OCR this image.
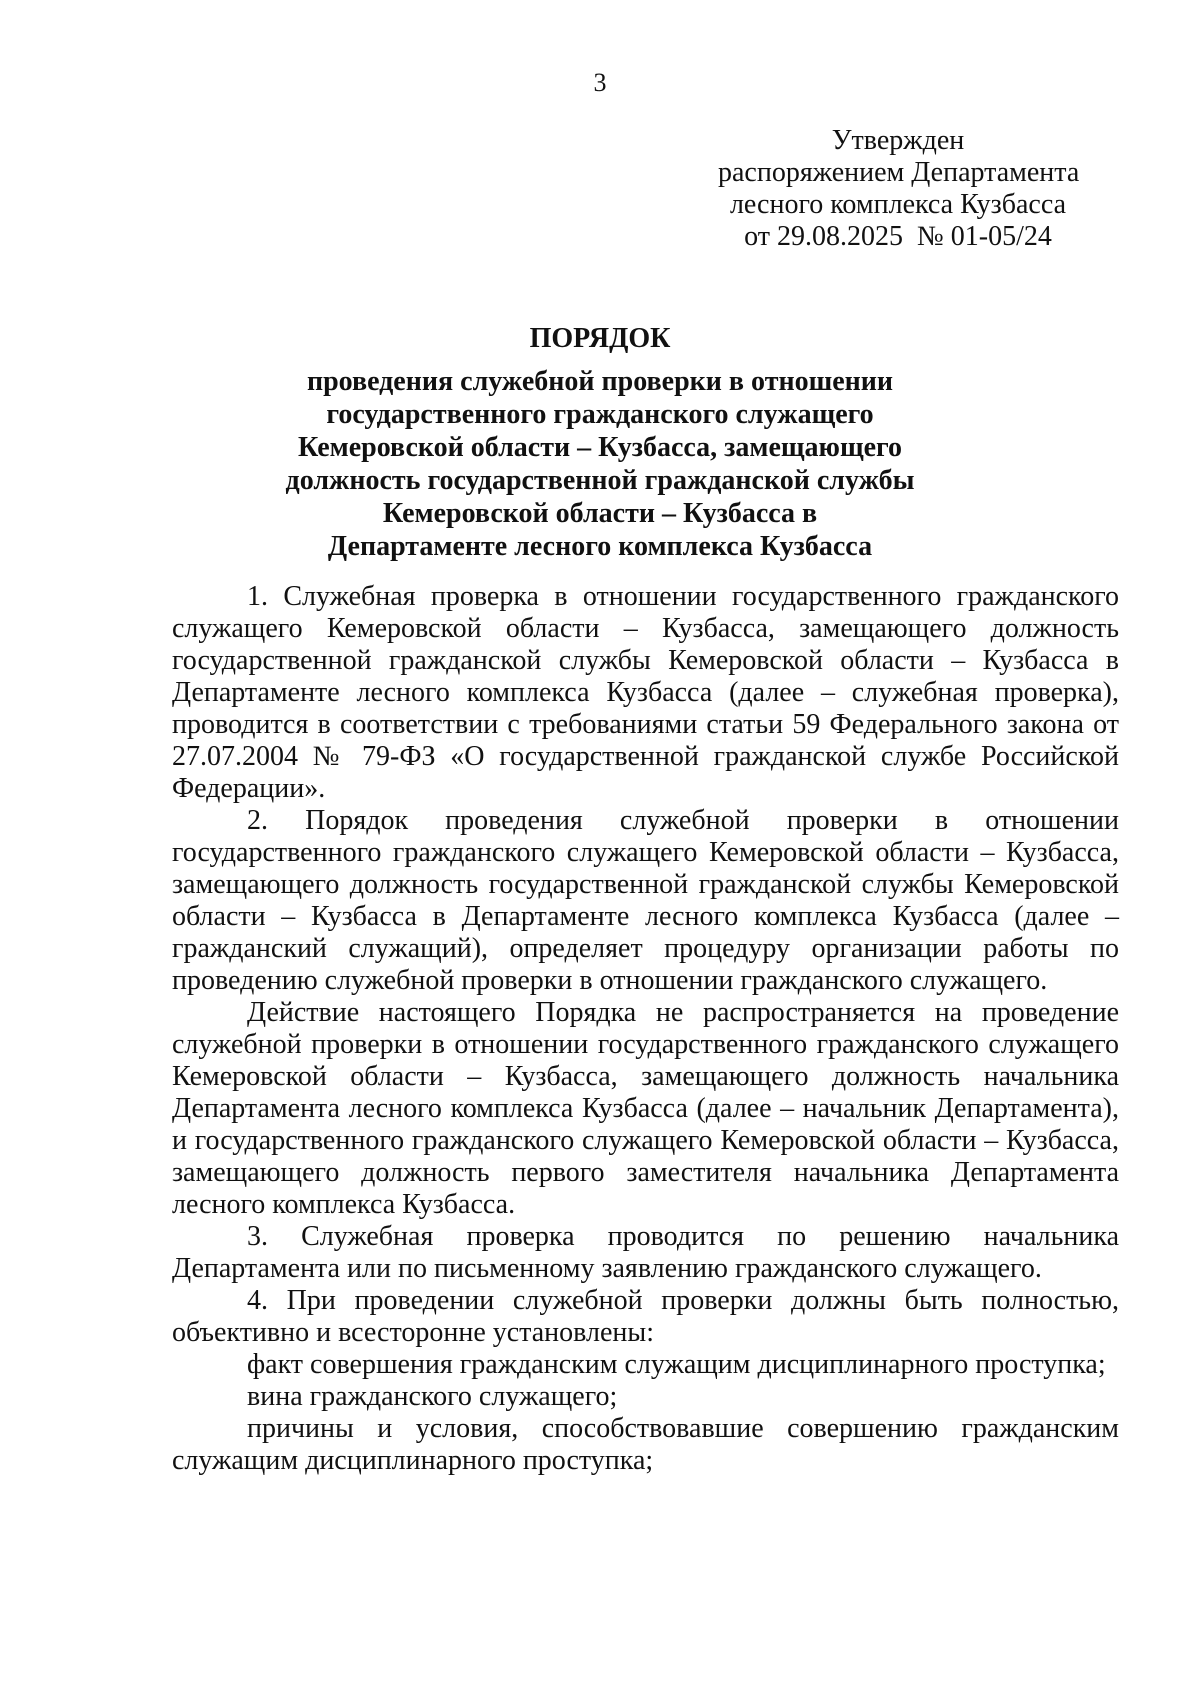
3
Утвержден
распоряжением Департамента
лесного комплекса Кузбасса
от 29.08.2025  № 01-05/24
ПОРЯДОК
проведения служебной проверки в отношении
государственного гражданского служащего
Кемеровской области – Кузбасса, замещающего
должность государственной гражданской службы
Кемеровской области – Кузбасса в
Департаменте лесного комплекса Кузбасса

1. Служебная проверка в отношении государственного гражданского служащего Кемеровской области – Кузбасса, замещающего должность государственной гражданской службы Кемеровской области – Кузбасса в Департаменте лесного комплекса Кузбасса (далее – служебная проверка), проводится в соответствии с требованиями статьи 59 Федерального закона от 27.07.2004 № 79-ФЗ «О государственной гражданской службе Российской Федерации».

2. Порядок проведения служебной проверки в отношении государственного гражданского служащего Кемеровской области – Кузбасса, замещающего должность государственной гражданской службы Кемеровской области – Кузбасса в Департаменте лесного комплекса Кузбасса (далее – гражданский служащий), определяет процедуру организации работы по проведению служебной проверки в отношении гражданского служащего.

Действие настоящего Порядка не распространяется на проведение служебной проверки в отношении государственного гражданского служащего Кемеровской области – Кузбасса, замещающего должность начальника Департамента лесного комплекса Кузбасса (далее – начальник Департамента), и государственного гражданского служащего Кемеровской области – Кузбасса, замещающего должность первого заместителя начальника Департамента лесного комплекса Кузбасса.

3. Служебная проверка проводится по решению начальника Департамента или по письменному заявлению гражданского служащего.

4. При проведении служебной проверки должны быть полностью, объективно и всесторонне установлены:

факт совершения гражданским служащим дисциплинарного проступка;

вина гражданского служащего;

причины и условия, способствовавшие совершению гражданским служащим дисциплинарного проступка;
